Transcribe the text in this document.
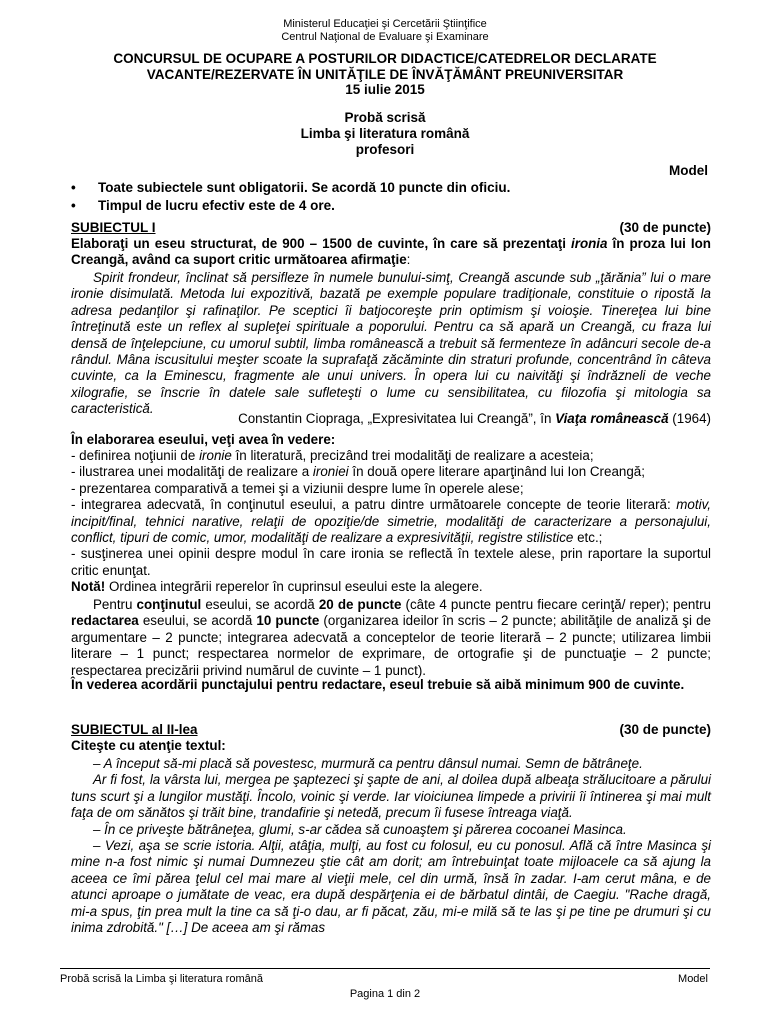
Ministerul Educaţiei şi Cercetării Ştiinţifice
Centrul Naţional de Evaluare şi Examinare
CONCURSUL DE OCUPARE A POSTURILOR DIDACTICE/CATEDRELOR DECLARATE
VACANTE/REZERVATE ÎN UNITĂŢILE DE ÎNVĂŢĂMÂNT PREUNIVERSITAR
15 iulie 2015
Probă scrisă
Limba şi literatura română
profesori
Model
• Toate subiectele sunt obligatorii. Se acordă 10 puncte din oficiu.
• Timpul de lucru efectiv este de 4 ore.
SUBIECTUL I	(30 de puncte)
Elaboraţi un eseu structurat, de 900 – 1500 de cuvinte, în care să prezentaţi ironia în proza lui Ion Creangă, având ca suport critic următoarea afirmaţie:
Spirit frondeur, înclinat să persifleze în numele bunului-simţ, Creangă ascunde sub „ţărănia” lui o mare ironie disimulată. Metoda lui expozitivă, bazată pe exemple populare tradiţionale, constituie o ripostă la adresa pedanţilor şi rafinaţilor. Pe sceptici îi batjocoreşte prin optimism şi voioşie. Tinereţea lui bine întreţinută este un reflex al supleţei spirituale a poporului. Pentru ca să apară un Creangă, cu fraza lui densă de înţelepciune, cu umorul subtil, limba românească a trebuit să fermenteze în adâncuri secole de-a rândul. Mâna iscusitului meşter scoate la suprafaţă zăcăminte din straturi profunde, concentrând în câteva cuvinte, ca la Eminescu, fragmente ale unui univers. În opera lui cu naivităţi şi îndrăzneli de veche xilografie, se înscrie în datele sale sufleteşti o lume cu sensibilitatea, cu filozofia şi mitologia sa caracteristică.
Constantin Ciopraga, „Expresivitatea lui Creangă”, în Viaţa românească (1964)
În elaborarea eseului, veţi avea în vedere:
- definirea noţiunii de ironie în literatură, precizând trei modalităţi de realizare a acesteia;
- ilustrarea unei modalităţi de realizare a ironiei în două opere literare aparţinând lui Ion Creangă;
- prezentarea comparativă a temei şi a viziunii despre lume în operele alese;
- integrarea adecvată, în conţinutul eseului, a patru dintre următoarele concepte de teorie literară: motiv, incipit/final, tehnici narative, relaţii de opoziţie/de simetrie, modalităţi de caracterizare a personajului, conflict, tipuri de comic, umor, modalităţi de realizare a expresivităţii, registre stilistice etc.;
- susţinerea unei opinii despre modul în care ironia se reflectă în textele alese, prin raportare la suportul critic enunţat.
Notă! Ordinea integrării reperelor în cuprinsul eseului este la alegere.
Pentru conţinutul eseului, se acordă 20 de puncte (câte 4 puncte pentru fiecare cerinţă/ reper); pentru redactarea eseului, se acordă 10 puncte (organizarea ideilor în scris – 2 puncte; abilităţile de analiză şi de argumentare – 2 puncte; integrarea adecvată a conceptelor de teorie literară – 2 puncte; utilizarea limbii literare – 1 punct; respectarea normelor de exprimare, de ortografie şi de punctuaţie – 2 puncte; respectarea precizării privind numărul de cuvinte – 1 punct).
În vederea acordării punctajului pentru redactare, eseul trebuie să aibă minimum 900 de cuvinte.
SUBIECTUL al II-lea	(30 de puncte)
Citeşte cu atenţie textul:
– A început să-mi placă să povestesc, murmură ca pentru dânsul numai. Semn de bătrâneţe.
Ar fi fost, la vârsta lui, mergea pe şaptezeci şi şapte de ani, al doilea după albeaţa strălucitoare a părului tuns scurt şi a lungilor mustăţi. Încolo, voinic şi verde. Iar vioiciunea limpede a privirii îi întinerea şi mai mult faţa de om sănătos şi trăit bine, trandafirie şi netedă, precum îi fusese întreaga viaţă.
– În ce priveşte bătrâneţea, glumi, s-ar cădea să cunoaştem şi părerea cocoanei Masinca.
– Vezi, aşa se scrie istoria. Alţii, atâţia, mulţi, au fost cu folosul, eu cu ponosul. Află că între Masinca şi mine n-a fost nimic şi numai Dumnezeu ştie cât am dorit; am întrebuinţat toate mijloacele ca să ajung la aceea ce îmi părea ţelul cel mai mare al vieţii mele, cel din urmă, însă în zadar. I-am cerut mâna, e de atunci aproape o jumătate de veac, era după despărţenia ei de bărbatul dintâi, de Caegiu. "Rache dragă, mi-a spus, ţin prea mult la tine ca să ţi-o dau, ar fi păcat, zău, mi-e milă să te las şi pe tine pe drumuri şi cu inima zdrobită." […] De aceea am şi rămas
Probă scrisă la Limba şi literatura română	Model
Pagina 1 din 2
